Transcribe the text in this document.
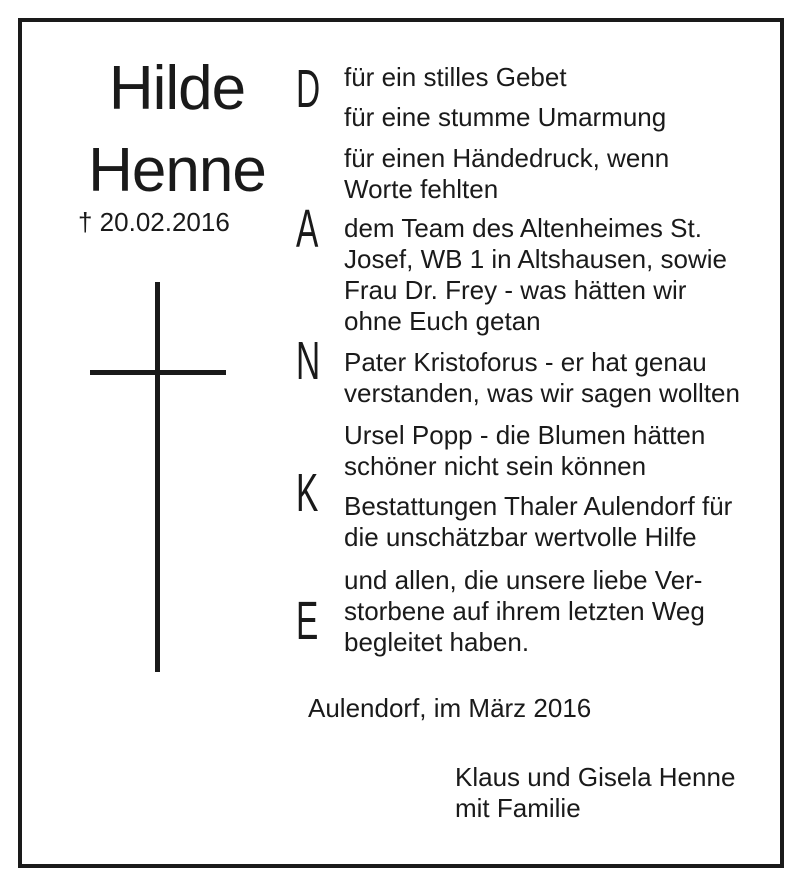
Hilde
Henne
† 20.02.2016
D
A
N
K
E
für ein stilles Gebet
für eine stumme Umarmung
für einen Händedruck, wenn
Worte fehlten
dem Team des Altenheimes St.
Josef, WB 1 in Altshausen, sowie
Frau Dr. Frey - was hätten wir
ohne Euch getan
Pater Kristoforus - er hat genau
verstanden, was wir sagen wollten
Ursel Popp - die Blumen hätten
schöner nicht sein können
Bestattungen Thaler Aulendorf für
die unschätzbar wertvolle Hilfe
und allen, die unsere liebe Ver-
storbene auf ihrem letzten Weg
begleitet haben.
Aulendorf, im März 2016
Klaus und Gisela Henne
mit Familie
